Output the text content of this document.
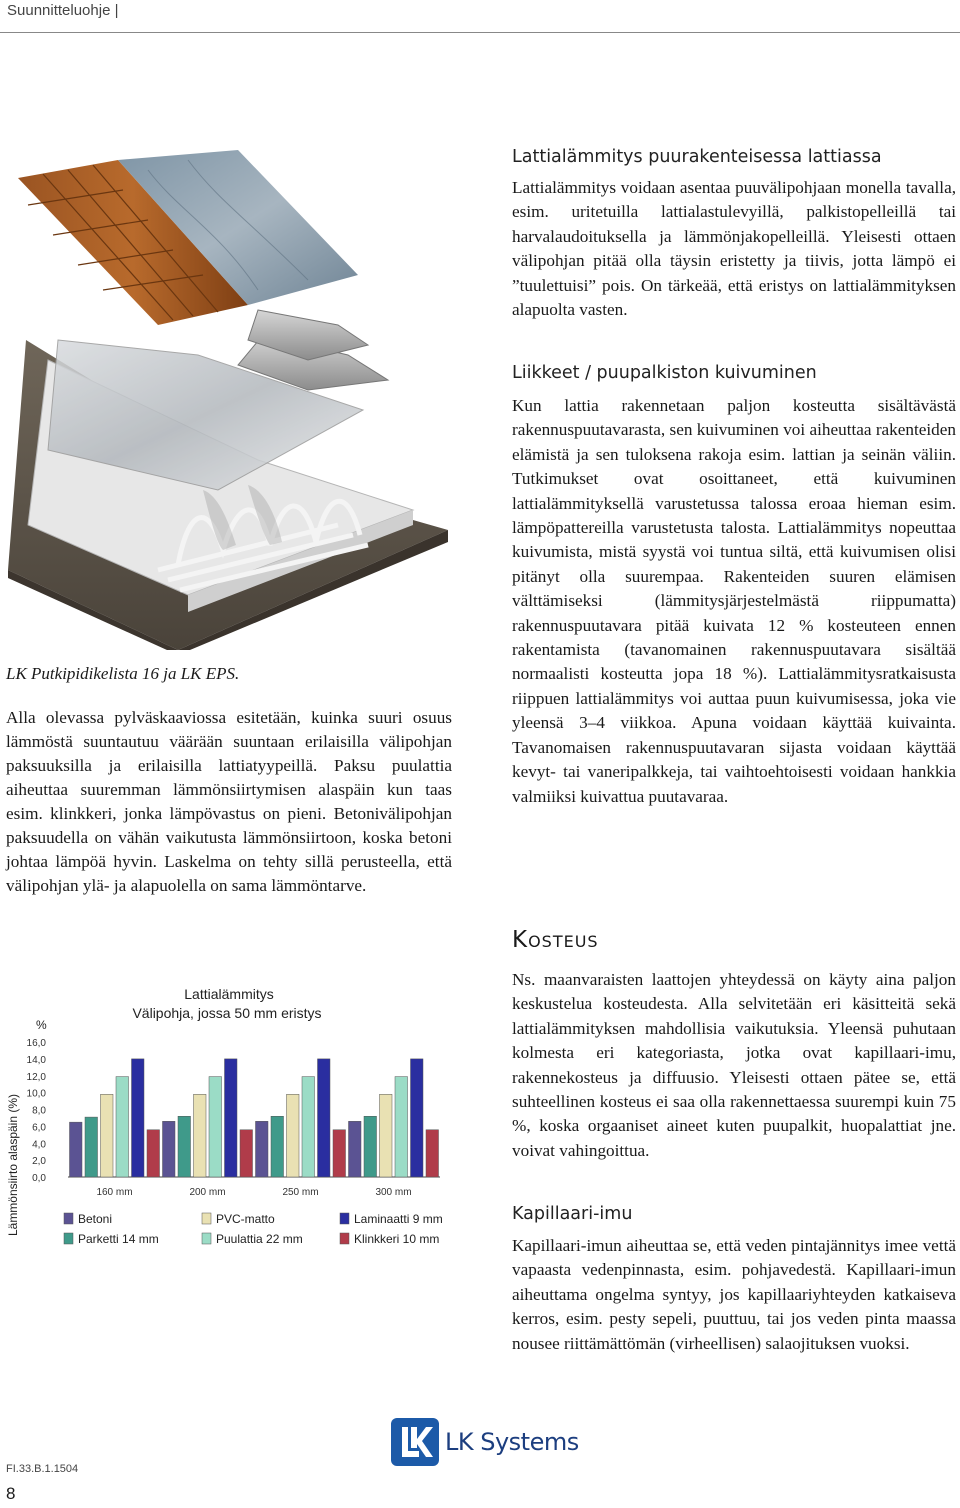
Suunnitteluohje |
LK Putkipidikelista 16 ja LK EPS.

Alla olevassa pylväskaaviossa esitetään, kuinka suuri osuus lämmöstä suuntautuu väärään suuntaan erilaisilla välipohjan paksuuksilla ja erilaisilla lattiatyypeillä. Paksu puulattia aiheuttaa suuremman lämmönsiirtymisen alaspäin kun taas esim. klinkkeri, jonka lämpövastus on pieni. Betonivälipohjan paksuudella on vähän vaikutusta lämmönsiirtoon, koska betoni johtaa lämpöä hyvin. Laskelma on tehty sillä perusteella, että välipohjan ylä- ja alapuolella on sama lämmöntarve.

Lattialämmitys
Välipohja, jossa 50 mm eristys
Lämmönsiirto alaspäin (%)
%
0,0
2,0
4,0
6,0
8,0
10,0
12,0
14,0
16,0
160 mm	200 mm	250 mm	300 mm
Betoni
Parketti 14 mm
PVC-matto
Puulattia 22 mm
Laminaatti 9 mm
Klinkkeri 10 mm
Lattialämmitys puurakenteisessa lattiassa

Lattialämmitys voidaan asentaa puuvälipohjaan monella tavalla, esim. uritetuilla lattialastulevyillä, palkistopelleillä tai harvalaudoituksella ja lämmönjakopelleillä. Yleisesti ottaen välipohjan pitää olla täysin eristetty ja tiivis, jotta lämpö ei ”tuulettuisi” pois. On tärkeää, että eristys on lattialämmityksen alapuolta vasten.

Liikkeet / puupalkiston kuivuminen

Kun lattia rakennetaan paljon kosteutta sisältävästä rakennuspuutavarasta, sen kuivuminen voi aiheuttaa rakenteiden elämistä ja sen tuloksena rakoja esim. lattian ja seinän väliin. Tutkimukset ovat osoittaneet, että kuivuminen lattialämmityksellä varustetussa talossa eroaa hieman esim. lämpöpattereilla varustetusta talosta. Lattialämmitys nopeuttaa kuivumista, mistä syystä voi tuntua siltä, että kuivumisen olisi pitänyt olla suurempaa. Rakenteiden suuren elämisen välttämiseksi (lämmitysjärjestelmästä riippumatta) rakennuspuutavara pitää kuivata 12 % kosteuteen ennen rakentamista (tavanomainen rakennuspuutavara sisältää normaalisti kosteutta jopa 18 %). Lattialämmitysratkaisusta riippuen lattialämmitys voi auttaa puun kuivumisessa, joka vie yleensä 3–4 viikkoa. Apuna voidaan käyttää kuivainta. Tavanomaisen rakennuspuutavaran sijasta voidaan käyttää kevyt- tai vaneripalkkeja, tai vaihtoehtoisesti voidaan hankkia valmiiksi kuivattua puutavaraa.

Kosteus

Ns. maanvaraisten laattojen yhteydessä on käyty aina paljon keskustelua kosteudesta. Alla selvitetään eri käsitteitä sekä lattialämmityksen mahdollisia vaikutuksia. Yleensä puhutaan kolmesta eri kategoriasta, jotka ovat kapillaari-imu, rakennekosteus ja diffuusio. Yleisesti ottaen pätee se, että suhteellinen kosteus ei saa olla rakennettaessa suurempi kuin 75 %, koska orgaaniset aineet kuten puupalkit, huopalattiat jne. voivat vahingoittua.

Kapillaari-imu

Kapillaari-imun aiheuttaa se, että veden pintajännitys imee vettä vapaasta vedenpinnasta, esim. pohjavedestä. Kapillaari-imun aiheuttama ongelma syntyy, jos kapillaariyhteyden katkaiseva kerros, esim. pesty sepeli, puuttuu, tai jos veden pinta maassa nousee riittämättömän (virheellisen) salaojituksen vuoksi.

FI.33.B.1.1504
8
LK Systems
